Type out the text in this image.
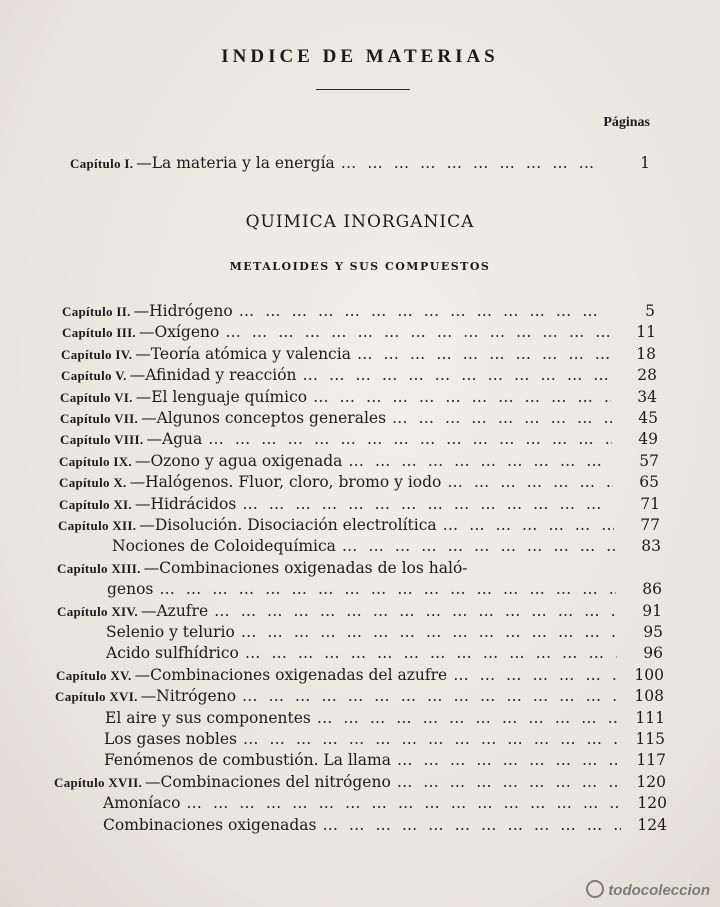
INDICE DE MATERIAS
Páginas
Capítulo I. —La materia y la energía … … … … … … … … … … … … … … … … … … … … … … … … … … … … … …	1
QUIMICA INORGANICA
METALOIDES Y SUS COMPUESTOS
Capítulo II. —Hidrógeno … … … … … … … … … … … … … … … … … … … … … … … … … … … … … …	5
Capítulo III. —Oxígeno … … … … … … … … … … … … … … … … … … … … … … … … … … … … … …	11
Capítulo IV. —Teoría atómica y valencia … … … … … … … … … … … … … … … … … … … … … … … … … … … … … …	18
Capítulo V. —Afinidad y reacción … … … … … … … … … … … … … … … … … … … … … … … … … … … … … …	28
Capítulo VI. —El lenguaje químico … … … … … … … … … … … … … … … … … … … … … … … … … … … … … …	34
Capítulo VII. —Algunos conceptos generales … … … … … … … … … … … … … … … … … … … … … … … … … … … … … …	45
Capítulo VIII. —Agua … … … … … … … … … … … … … … … … … … … … … … … … … … … … … …	49
Capítulo IX. —Ozono y agua oxigenada … … … … … … … … … … … … … … … … … … … … … … … … … … … … … …	57
Capítulo X. —Halógenos. Fluor, cloro, bromo y iodo … … … … … … … … … … … … … … … … … … … … … … … … … … … … … …	65
Capítulo XI. —Hidrácidos … … … … … … … … … … … … … … … … … … … … … … … … … … … … … …	71
Capítulo XII. —Disolución. Disociación electrolítica … … … … … … … … … … … … … … … … … … … … … … … … … … … … … …	77
Nociones de Coloidequímica … … … … … … … … … … … … … … … … … … … … … … … … … … … … … …	83
Capítulo XIII. —Combinaciones oxigenadas de los haló-
genos … … … … … … … … … … … … … … … … … … … … … … … … … … … … … …	86
Capítulo XIV. —Azufre … … … … … … … … … … … … … … … … … … … … … … … … … … … … … …	91
Selenio y telurio … … … … … … … … … … … … … … … … … … … … … … … … … … … … … …	95
Acido sulfhídrico … … … … … … … … … … … … … … … … … … … … … … … … … … … … … …	96
Capítulo XV. —Combinaciones oxigenadas del azufre … … … … … … … … … … … … … … … … … … … … … … … … … … … … … …	100
Capítulo XVI. —Nitrógeno … … … … … … … … … … … … … … … … … … … … … … … … … … … … … …	108
El aire y sus componentes … … … … … … … … … … … … … … … … … … … … … … … … … … … … … …	111
Los gases nobles … … … … … … … … … … … … … … … … … … … … … … … … … … … … … …	115
Fenómenos de combustión. La llama … … … … … … … … … … … … … … … … … … … … … … … … … … … … … …	117
Capítulo XVII. —Combinaciones del nitrógeno … … … … … … … … … … … … … … … … … … … … … … … … … … … … … …	120
Amoníaco … … … … … … … … … … … … … … … … … … … … … … … … … … … … … …	120
Combinaciones oxigenadas … … … … … … … … … … … … … … … … … … … … … … … … … … … … … …	124
todocoleccion
